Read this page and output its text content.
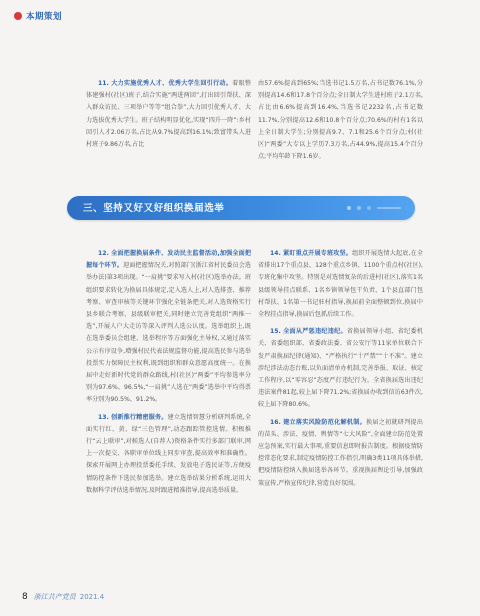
本期策划

11. 大力实施优秀人才、优秀大学生回引行动。着眼整体建强村(社区)班子,结合实施“两进两回”,打出回引帮扶、深入群众访民、三项举户等等“组合拳”,大力回引优秀人才、大力选拔优秀大学生。班子结构明显优化,实现“四升一降”:乡村回引人才2.06万名,占比从9.7%提高到16.1%;致富带头人进村班子9.86万名,占比

由57.6%提高到65%;当选书记1.5万名,占书记数76.1%,分别提高14.6和17.8个百分点;全日制大学生进村班子2.1万名,占比由6.6%提高到16.4%,当选书记2232名,占书记数11.7%,分别提高12.6和10.8个百分点;70.6%的村有1名以上全日制大学生;分别提高9.7、7.1和25.6个百分点;村(社区)“两委”大专以上学历7.3万名,占44.9%,提高15.4个百分点;平均年龄下降1.6岁。

三、坚持又好又好组织换届选举

12. 全面把握换届条件、发动民主监督活动,加强全面把握每个环节。迎面把握情况关,对照部门(浙江省村民委员会选举办法)第3项出现。“一肩挑”要求写入村(社区)选举办法。班组织要求转化为换届具体规定,定入选人上,对人选排查、推荐考察、审查审核等关键环节强化全链条把关,对人选资格实行县乡联合考察、县级联审把关,同时建立完善党组织“两推一选”,开展人户大走访等深入评判人选公认度。选举组织上,既在选举委员会组建、选举程序等方面强化主导权,又通过落实公示有序设争,增强村民代表法规监督功能,提高选民参与选举投票实力保障民主权利,既到组织和群众意愿高度统一。在换届中走好新时代党的群众路线,村(社区)“两委”平均参选率分别为97.6%、96.5%,“一肩挑”人选在“两委”选举中平均得票率分别为90.5%、91.2%。

13. 创新推行精密服务。建立选情智慧分析研判系统,全面实行红、黄、绿“三色管理”,动态跟踪管控选情。积极推行“云上联审”,对候选人(自荐人)资格条件实行多部门联审,网上一次提交、各职审单位线上同步审查,提高效率和准确性。探索开展网上办理投票委托手续、发放电子选民证等,方便疫情防控条件下选民参加选举。建立选举结果分析系统,运用大数据科学评估选举情况,及时跟进精准指导,提高选举质量。

14. 紧盯重点开展专班攻坚。组织开展选情大起底,在全省排出17个重点县、128个重点乡镇、1100个重点村(社区),专班化集中攻坚。特别是对选情复杂的后进村(社区),落实1名县级领导挂点联系、1名乡镇领导包干负责、1个县直部门包村帮扶、1名第一书记驻村指导,换届前全面整顿到位,换届中全程挂点指导,换届后包抓后续工作。

15. 全面从严惩违纪违纪。省换届领导小组、省纪委机关、省委组织部、省委政法委、省公安厅等11家单位联合下发严肃换届纪律(通知)、“严格执行“十严禁”“十不准”。建立涉纪涉法动态台账,以负面清单办机制,完善举报、取证、核定工作程序,以“零容忍”态度严打违纪行为。全省换届选出违纪违法案件81起,较上届下降71.2%;省换届办收到信访63件次,较上届下降80.6%。

16. 建立落实风险防范化解机制。换届之初就研判提出的苗头、涉法、疫情、舆情等“七大风险”,全面建立防范处置应急预案,实行最大事项,重要信息即时报告制度。根据疫情防控常态化要求,制定疫情防控工作指引,明确3类11项具体举措,把疫情防控纳入换届选举各环节。重视换届舆论引导,加强政策宣传,严格宣传纪律,营造良好氛围。

8 浙江共产党员 2021.4
